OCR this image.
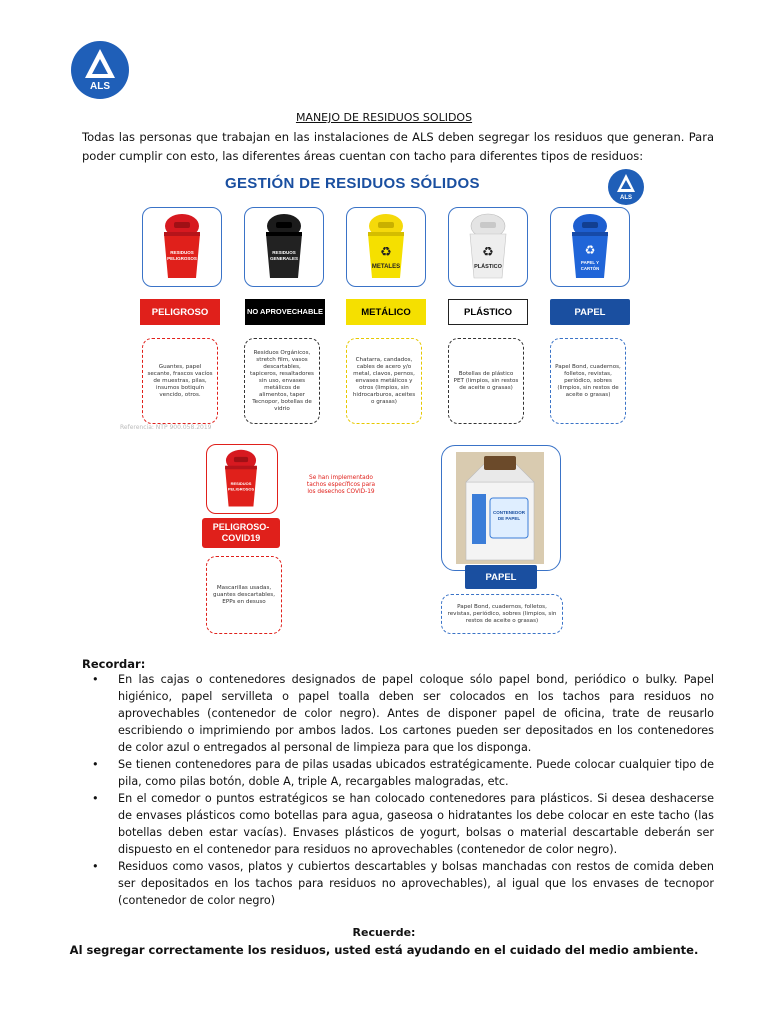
ALS
MANEJO DE RESIDUOS SOLIDOS

Todas las personas que trabajan en las instalaciones de ALS deben segregar los residuos que generan. Para poder cumplir con esto, las diferentes áreas cuentan con tacho para diferentes tipos de residuos:

GESTIÓN DE RESIDUOS SÓLIDOS
ALS
RESIDUOS
PELIGROSOS
RESIDUOS
GENERALES	♻
METALES
♻
PLÁSTICO
♻
PAPEL Y
CARTÓN
PELIGROSO	NO APROVECHABLE	METÁLICO	PLÁSTICO	PAPEL
Guantes, papel secante, frascos vacíos de muestras, pilas, insumos botiquín vencido, otros.
Residuos Orgánicos, stretch film, vasos descartables, tapiceros, resaltadores sin uso, envases metálicos de alimentos, taper Tecnopor, botellas de vidrio
Chatarra, candados, cables de acero y/o metal, clavos, pernos, envases metálicos y otros (limpios, sin hidrocarburos, aceites o grasas)
Botellas de plástico PET (limpios, sin restos de aceite o grasas)
Papel Bond, cuadernos, folletos, revistas, periódico, sobres (limpios, sin restos de aceite o grasas)
Referencia: NTP 900.058.2019
RESIDUOS
PELIGROSOS
PELIGROSO-COVID19
Mascarillas usadas, guantes descartables, EPPs en desuso
Se han implementado tachos específicos para los desechos COVID-19
CONTENEDOR
DE PAPEL
PAPEL
Papel Bond, cuadernos, folletos, revistas, periódico, sobres (limpios, sin restos de aceite o grasas)

Recordar:

• En las cajas o contenedores designados de papel coloque sólo papel bond, periódico o bulky. Papel higiénico, papel servilleta o papel toalla deben ser colocados en los tachos para residuos no aprovechables (contenedor de color negro). Antes de disponer papel de oficina, trate de reusarlo escribiendo o imprimiendo por ambos lados. Los cartones pueden ser depositados en los contenedores de color azul o entregados al personal de limpieza para que los disponga.
• Se tienen contenedores para de pilas usadas ubicados estratégicamente. Puede colocar cualquier tipo de pila, como pilas botón, doble A, triple A, recargables malogradas, etc.
• En el comedor o puntos estratégicos se han colocado contenedores para plásticos. Si desea deshacerse de envases plásticos como botellas para agua, gaseosa o hidratantes los debe colocar en este tacho (las botellas deben estar vacías). Envases plásticos de yogurt, bolsas o material descartable deberán ser dispuesto en el contenedor para residuos no aprovechables (contenedor de color negro).
• Residuos como vasos, platos y cubiertos descartables y bolsas manchadas con restos de comida deben ser depositados en los tachos para residuos no aprovechables), al igual que los envases de tecnopor (contenedor de color negro)
Recuerde:
Al segregar correctamente los residuos, usted está ayudando en el cuidado del medio ambiente.
